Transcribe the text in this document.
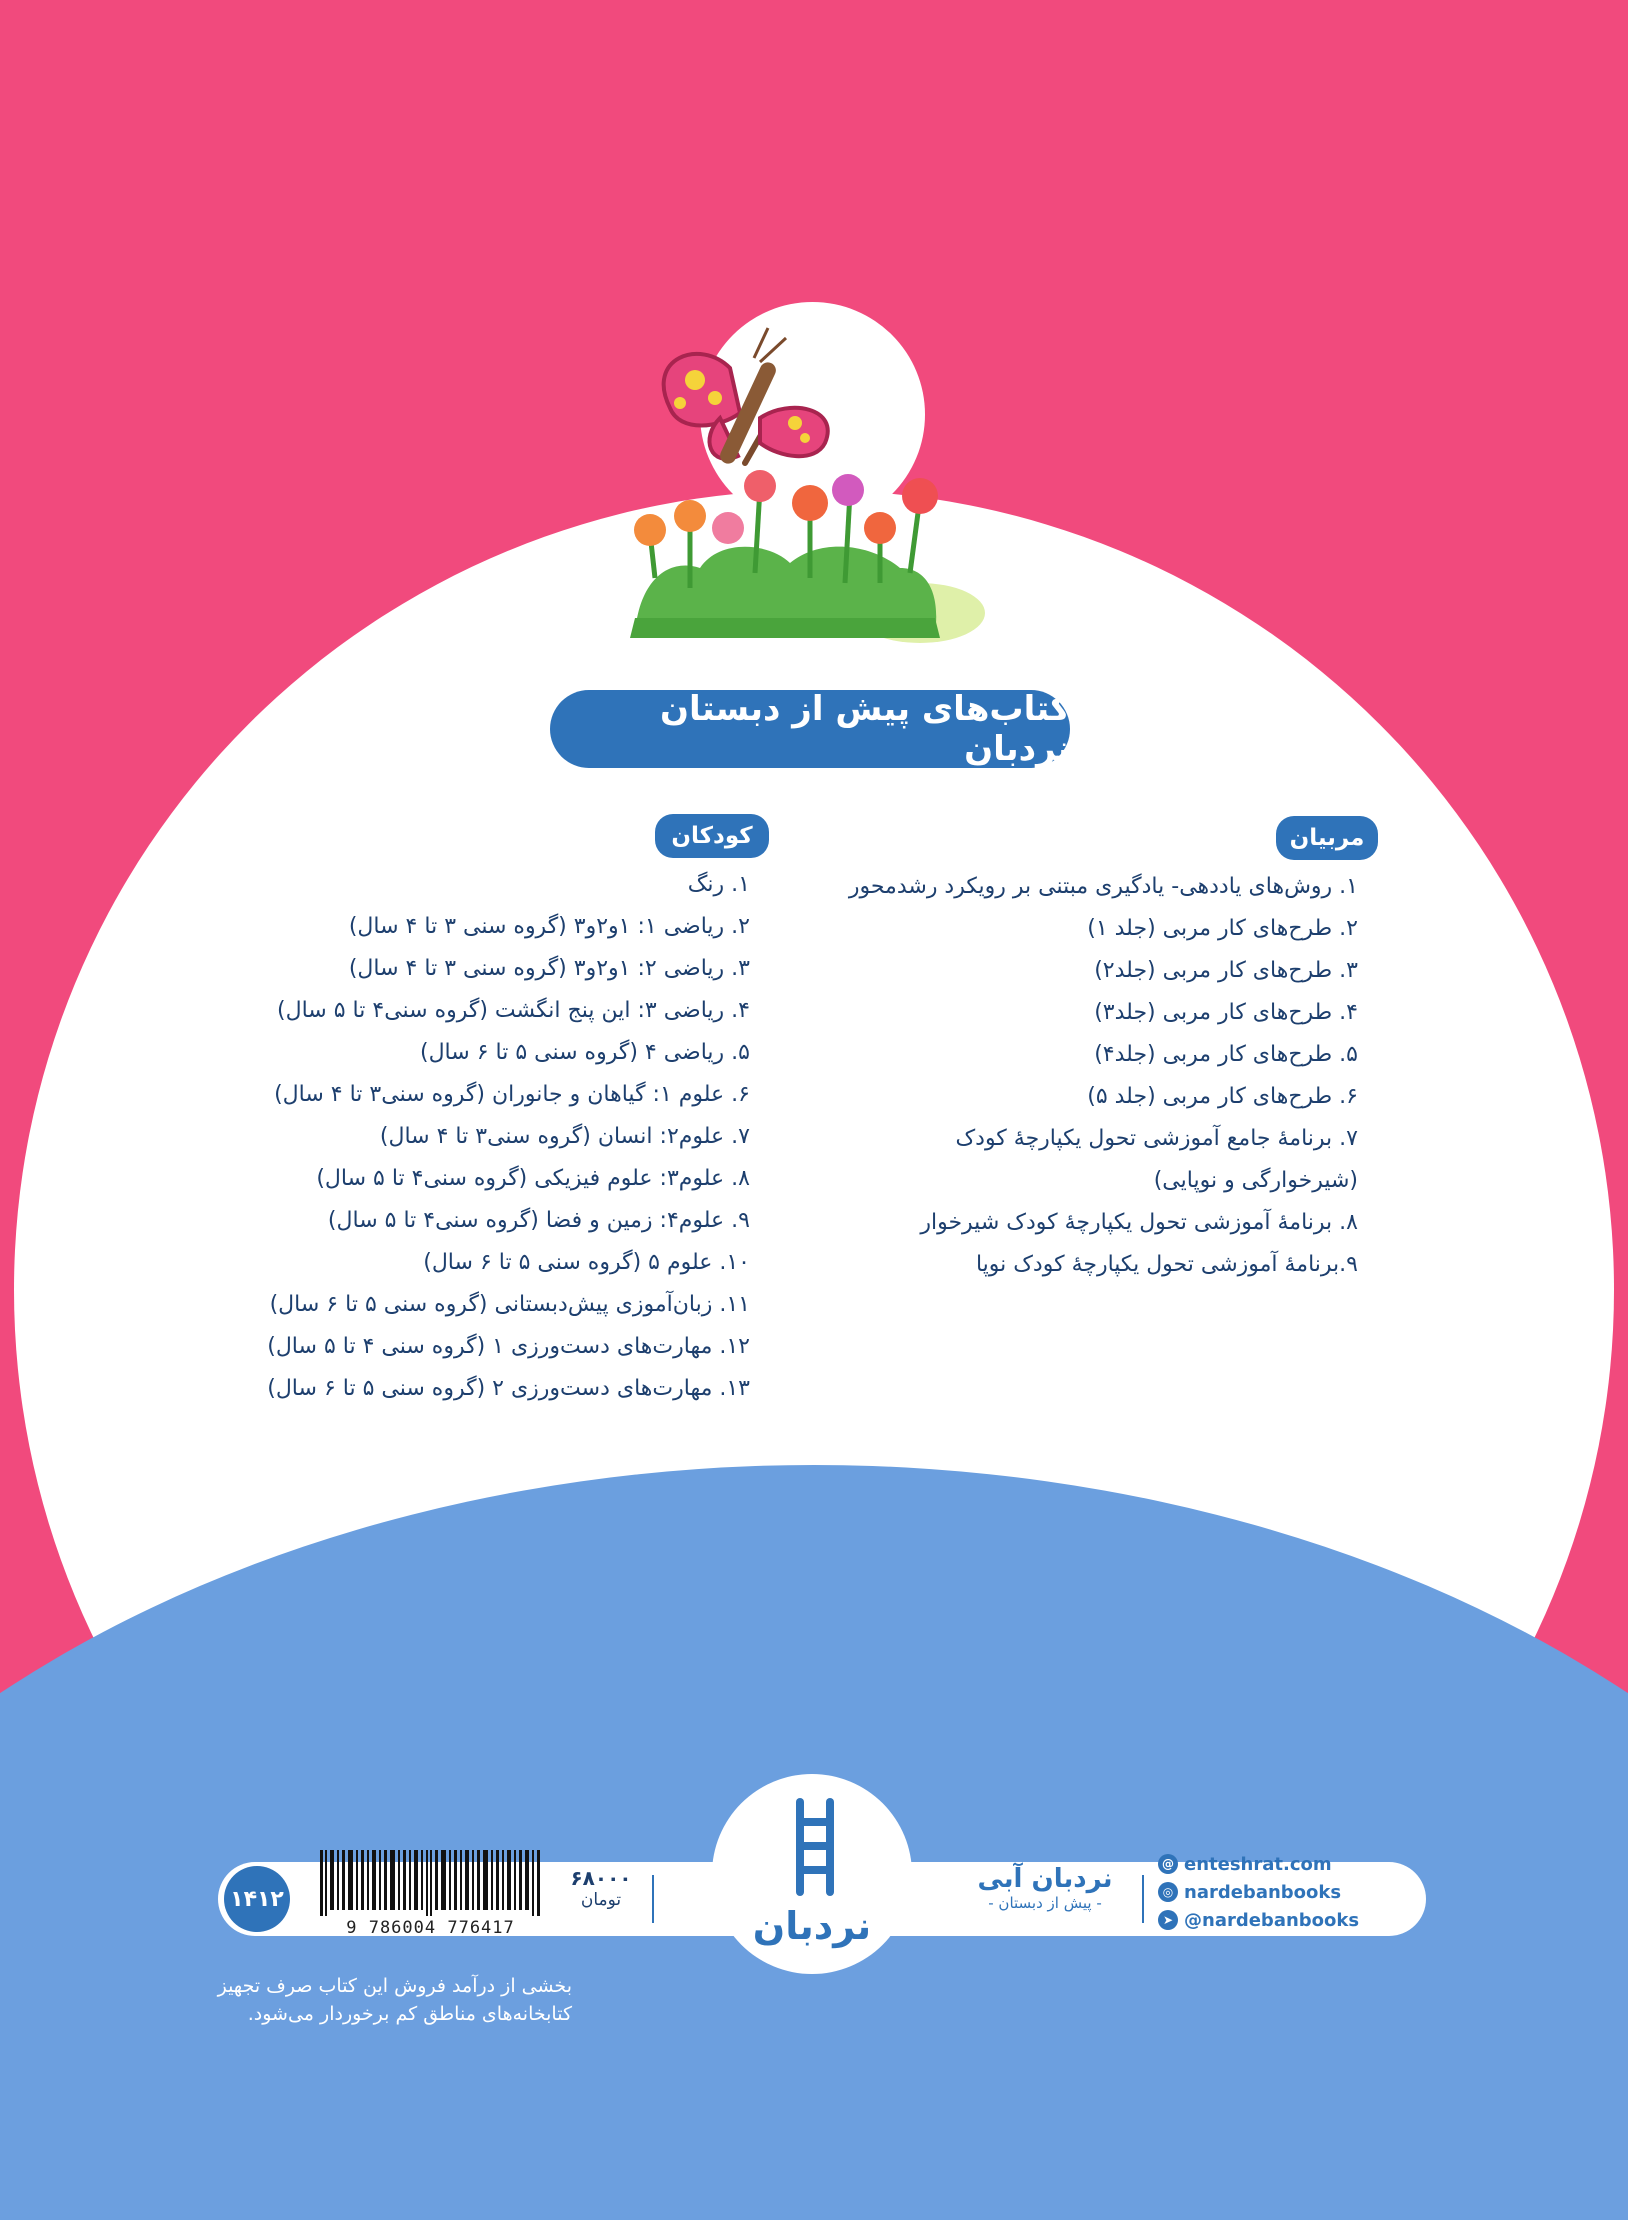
کتاب‌های پیش از دبستان نردبان
مربیان
۱. روش‌های یاددهی- یادگیری مبتنی بر رویکرد رشدمحور
۲. طرح‌های کار مربی (جلد ۱)
۳. طرح‌های کار مربی (جلد۲)
۴. طرح‌های کار مربی (جلد۳)
۵. طرح‌های کار مربی (جلد۴)
۶. طرح‌های کار مربی (جلد ۵)
۷. برنامهٔ جامع آموزشی تحول یکپارچهٔ کودک
(شیرخوارگی و نوپایی)
۸. برنامهٔ آموزشی تحول یکپارچهٔ کودک شیرخوار
۹.برنامهٔ آموزشی تحول یکپارچهٔ کودک نوپا
کودکان
۱. رنگ
۲. ریاضی ۱: ۱و۲و۳ (گروه سنی ۳ تا ۴ سال)
۳. ریاضی ۲: ۱و۲و۳ (گروه سنی ۳ تا ۴ سال)
۴. ریاضی ۳: این پنج انگشت (گروه سنی۴ تا ۵ سال)
۵. ریاضی ۴ (گروه سنی ۵ تا ۶ سال)
۶. علوم ۱: گیاهان و جانوران (گروه سنی۳ تا ۴ سال)
۷. علوم۲: انسان (گروه سنی۳ تا ۴ سال)
۸. علوم۳: علوم فیزیکی (گروه سنی۴ تا ۵ سال)
۹. علوم۴: زمین و فضا (گروه سنی۴ تا ۵ سال)
۱۰. علوم ۵ (گروه سنی ۵ تا ۶ سال)
۱۱. زبان‌آموزی پیش‌دبستانی (گروه سنی ۵ تا ۶ سال)
۱۲. مهارت‌های دست‌ورزی ۱ (گروه سنی ۴ تا ۵ سال)
۱۳. مهارت‌های دست‌ورزی ۲ (گروه سنی ۵ تا ۶ سال)
۱۴۱۲
9 786004 776417
۶۸۰۰۰
تومان
نردبان
نردبان آبی
- پیش از دبستان -
@ enteshrat.com
◎ nardebanbooks
➤ @nardebanbooks
بخشی از درآمد فروش این کتاب صرف تجهیز کتابخانه‌های مناطق کم برخوردار می‌شود.
